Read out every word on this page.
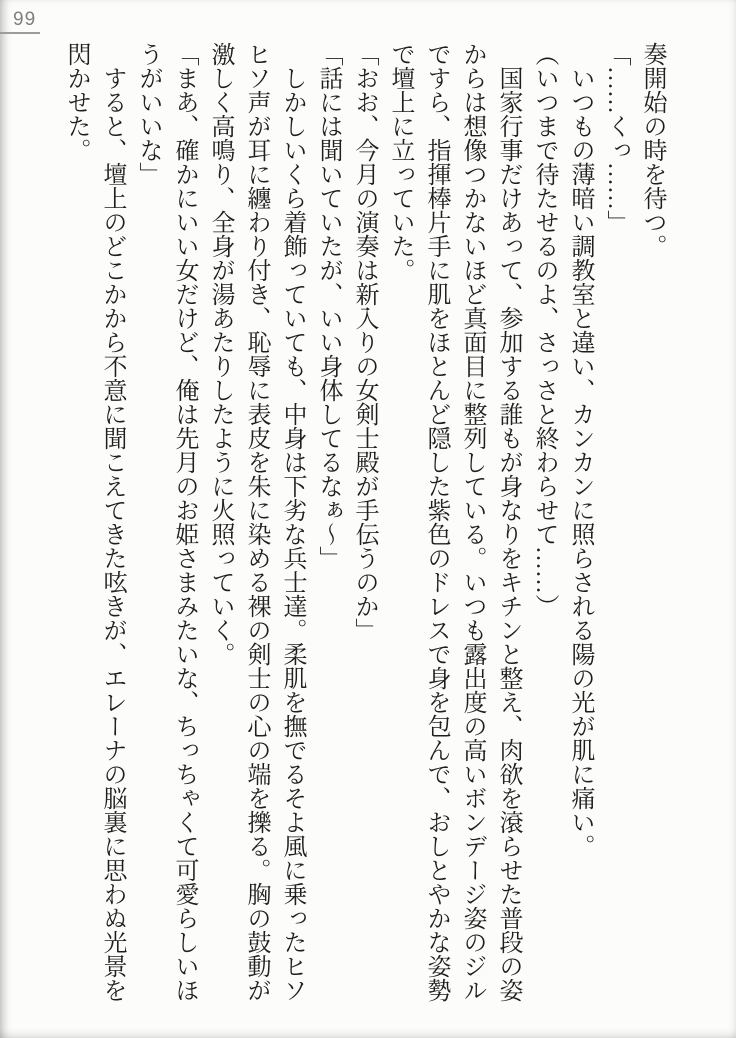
99

奏開始の時を待つ。

「……くっ……」

　いつもの薄暗い調教室と違い、カンカンに照らされる陽の光が肌に痛い。

（いつまで待たせるのよ、さっさと終わらせて……）

　国家行事だけあって、参加する誰もが身なりをキチンと整え、肉欲を滾らせた普段の姿

からは想像つかないほど真面目に整列している。いつも露出度の高いボンデージ姿のジル

ですら、指揮棒片手に肌をほとんど隠した紫色のドレスで身を包んで、おしとやかな姿勢

で壇上に立っていた。

「おお、今月の演奏は新入りの女剣士殿が手伝うのか」

「話には聞いていたが、いい身体してるなぁ〜」

　しかしいくら着飾っていても、中身は下劣な兵士達。柔肌を撫でるそよ風に乗ったヒソ

ヒソ声が耳に纏わり付き、恥辱に表皮を朱に染める裸の剣士の心の端を擽る。胸の鼓動が

激しく高鳴り、全身が湯あたりしたように火照っていく。

「まあ、確かにいい女だけど、俺は先月のお姫さまみたいな、ちっちゃくて可愛らしいほ

うがいいな」

　すると、壇上のどこかから不意に聞こえてきた呟きが、エレーナの脳裏に思わぬ光景を

閃かせた。
